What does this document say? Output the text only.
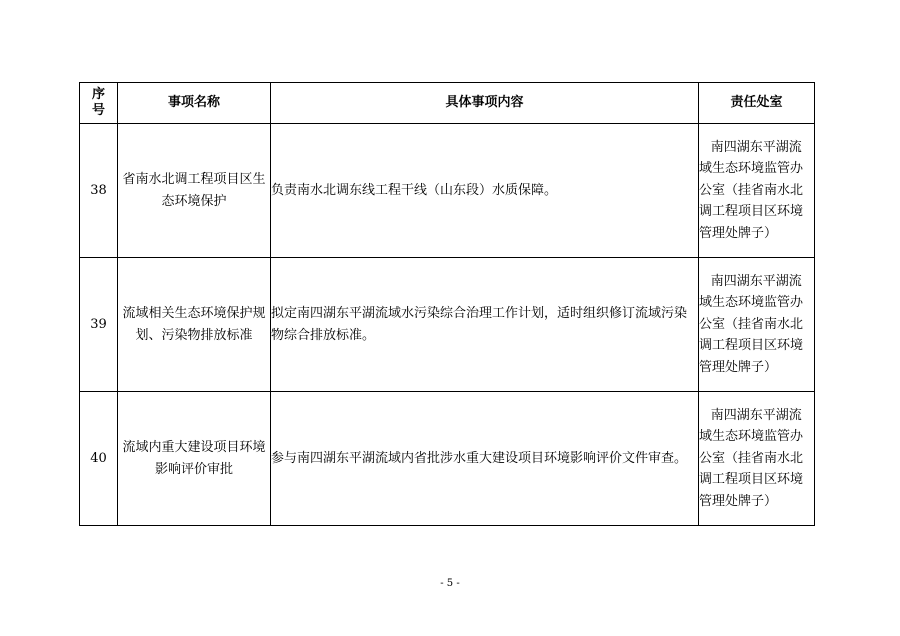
序号	事项名称	具体事项内容	责任处室
38	省南水北调工程项目区生态环境保护	负责南水北调东线工程干线（山东段）水质保障。	南四湖东平湖流域生态环境监管办公室（挂省南水北调工程项目区环境管理处牌子）

39	流域相关生态环境保护规划、污染物排放标准	拟定南四湖东平湖流域水污染综合治理工作计划，适时组织修订流域污染物综合排放标准。	南四湖东平湖流域生态环境监管办公室（挂省南水北调工程项目区环境管理处牌子）

40	流域内重大建设项目环境影响评价审批	参与南四湖东平湖流域内省批涉水重大建设项目环境影响评价文件审查。	南四湖东平湖流域生态环境监管办公室（挂省南水北调工程项目区环境管理处牌子）
- 5 -
